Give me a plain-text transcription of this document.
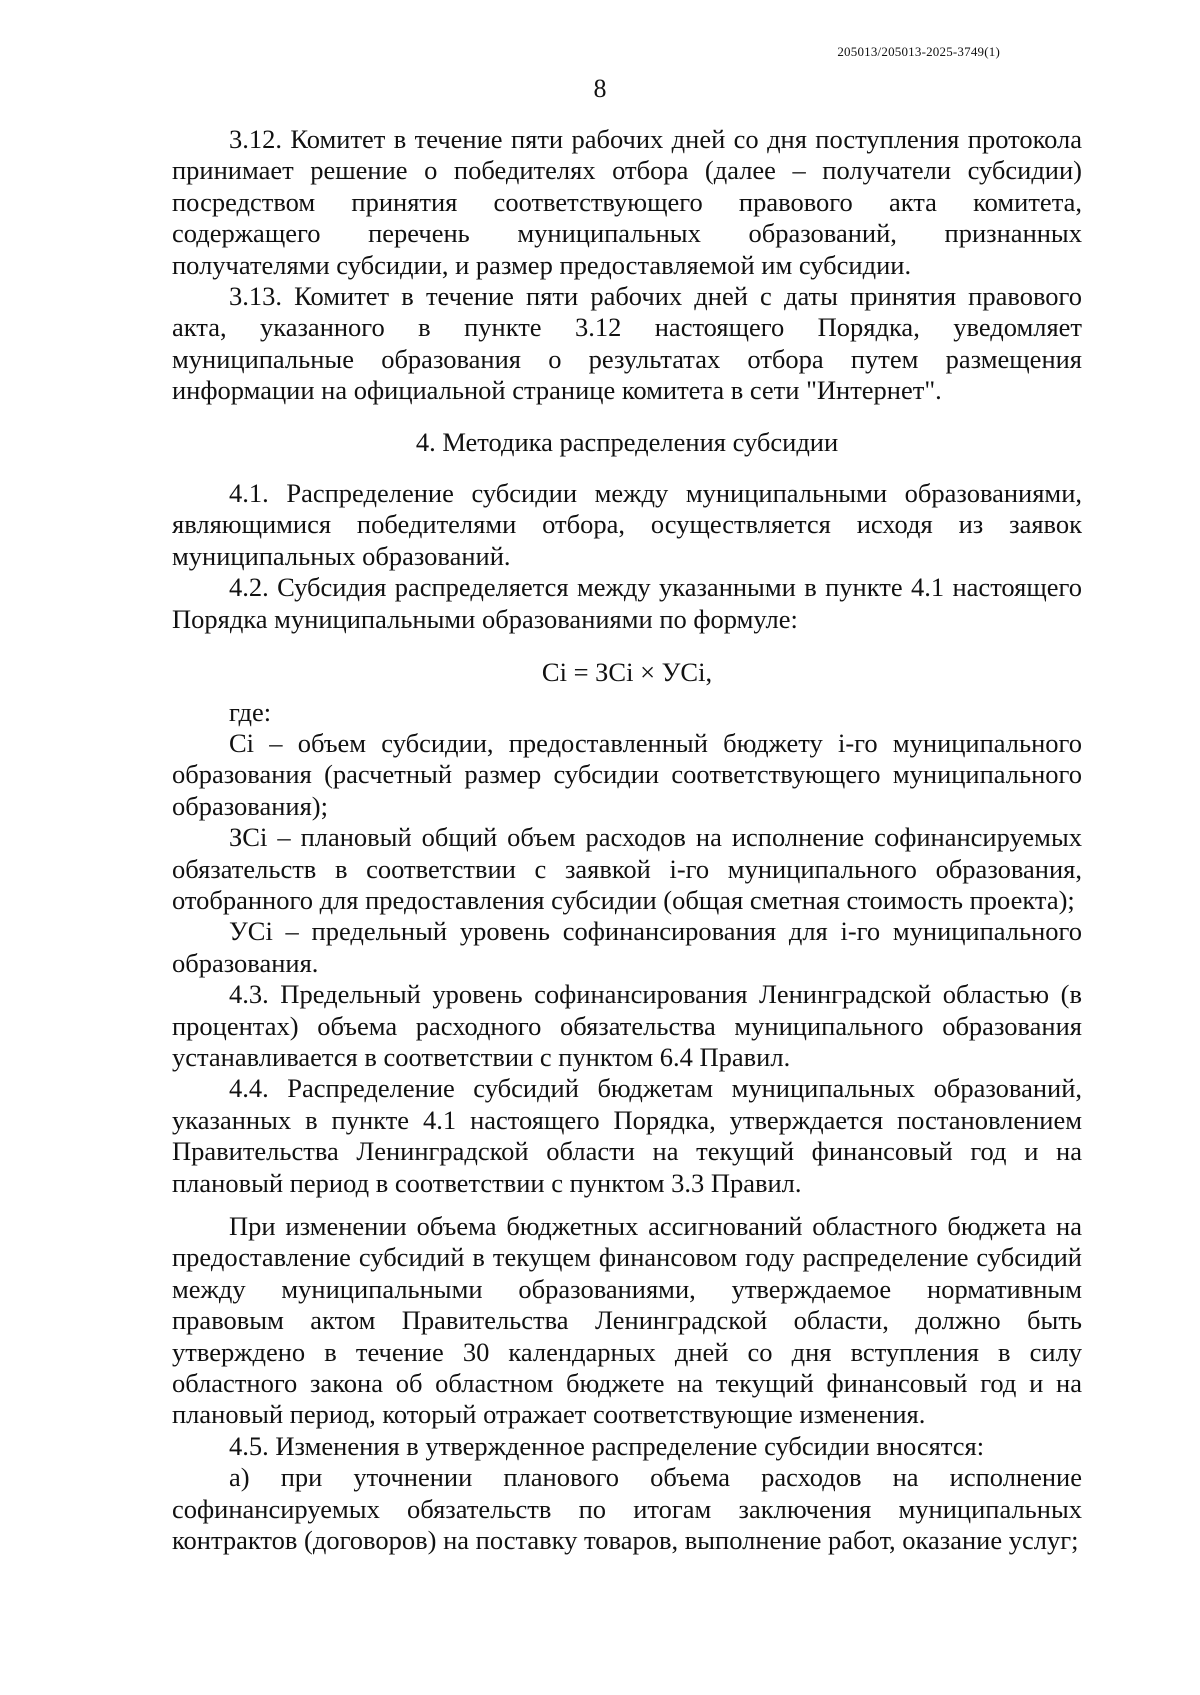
205013/205013-2025-3749(1)
8

3.12. Комитет в течение пяти рабочих дней со дня поступления протокола принимает решение о победителях отбора (далее – получатели субсидии) посредством принятия соответствующего правового акта комитета, содержащего перечень муниципальных образований, признанных получателями субсидии, и размер предоставляемой им субсидии.

3.13. Комитет в течение пяти рабочих дней с даты принятия правового акта, указанного в пункте 3.12 настоящего Порядка, уведомляет муниципальные образования о результатах отбора путем размещения информации на официальной странице комитета в сети "Интернет".

4. Методика распределения субсидии

4.1. Распределение субсидии между муниципальными образованиями, являющимися победителями отбора, осуществляется исходя из заявок муниципальных образований.

4.2. Субсидия распределяется между указанными в пункте 4.1 настоящего Порядка муниципальными образованиями по формуле:

Ci = ЗСi × УСi,

где:

Ci – объем субсидии, предоставленный бюджету i-го муниципального образования (расчетный размер субсидии соответствующего муниципального образования);

ЗСi – плановый общий объем расходов на исполнение софинансируемых обязательств в соответствии с заявкой i-го муниципального образования, отобранного для предоставления субсидии (общая сметная стоимость проекта);

УСi – предельный уровень софинансирования для i-го муниципального образования.

4.3. Предельный уровень софинансирования Ленинградской областью (в процентах) объема расходного обязательства муниципального образования устанавливается в соответствии с пунктом 6.4 Правил.

4.4. Распределение субсидий бюджетам муниципальных образований, указанных в пункте 4.1 настоящего Порядка, утверждается постановлением Правительства Ленинградской области на текущий финансовый год и на плановый период в соответствии с пунктом 3.3 Правил.

При изменении объема бюджетных ассигнований областного бюджета на предоставление субсидий в текущем финансовом году распределение субсидий между муниципальными образованиями, утверждаемое нормативным правовым актом Правительства Ленинградской области, должно быть утверждено в течение 30 календарных дней со дня вступления в силу областного закона об областном бюджете на текущий финансовый год и на плановый период, который отражает соответствующие изменения.

4.5. Изменения в утвержденное распределение субсидии вносятся:

а) при уточнении планового объема расходов на исполнение софинансируемых обязательств по итогам заключения муниципальных контрактов (договоров) на поставку товаров, выполнение работ, оказание услуг;
